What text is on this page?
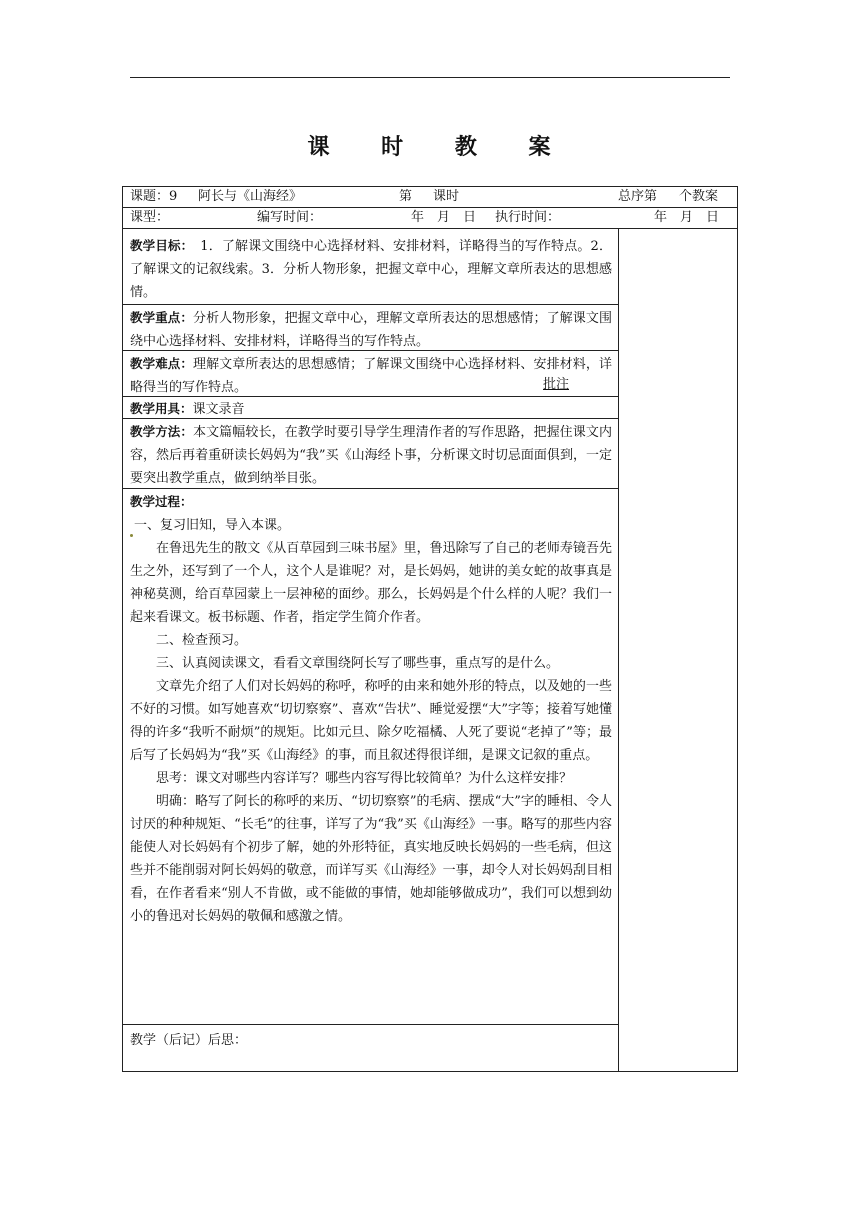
课 时 教 案
课题：9 阿长与《山海经》	第 课时	总序第 个教案
课型：	编写时间：	年　月　日 执行时间：	年　月　日

教学目标：　1．了解课文围绕中心选择材料、安排材料，详略得当的写作特点。2．了解课文的记叙线索。3．分析人物形象，把握文章中心，理解文章所表达的思想感情。

教学重点：分析人物形象，把握文章中心，理解文章所表达的思想感情；了解课文围绕中心选择材料、安排材料，详略得当的写作特点。

教学难点：理解文章所表达的思想感情；了解课文围绕中心选择材料、安排材料，详略得当的写作特点。

教学用具：课文录音

教学方法：本文篇幅较长，在教学时要引导学生理清作者的写作思路，把握住课文内容，然后再着重研读长妈妈为“我”买《山海经卜事，分析课文时切忌面面俱到，一定要突出教学重点，做到纳举目张。

教学过程：

一、复习旧知，导入本课。

在鲁迅先生的散文《从百草园到三味书屋》里，鲁迅除写了自己的老师寿镜吾先生之外，还写到了一个人，这个人是谁呢？对，是长妈妈，她讲的美女蛇的故事真是神秘莫测，给百草园蒙上一层神秘的面纱。那么，长妈妈是个什么样的人呢？我们一起来看课文。板书标题、作者，指定学生简介作者。

二、检查预习。

三、认真阅读课文，看看文章围绕阿长写了哪些事，重点写的是什么。

文章先介绍了人们对长妈妈的称呼，称呼的由来和她外形的特点，以及她的一些不好的习惯。如写她喜欢“切切察察”、喜欢“告状”、睡觉爱摆“大”字等；接着写她懂得的许多“我听不耐烦”的规矩。比如元旦、除夕吃福橘、人死了要说“老掉了”等；最后写了长妈妈为“我”买《山海经》的事，而且叙述得很详细，是课文记叙的重点。

思考：课文对哪些内容详写？哪些内容写得比较简单？为什么这样安排？

明确：略写了阿长的称呼的来历、“切切察察”的毛病、摆成“大”字的睡相、令人讨厌的种种规矩、“长毛”的往事，详写了为“我”买《山海经》一事。略写的那些内容能使人对长妈妈有个初步了解，她的外形特征，真实地反映长妈妈的一些毛病，但这些并不能削弱对阿长妈妈的敬意，而详写买《山海经》一事，却令人对长妈妈刮目相看，在作者看来“别人不肯做，或不能做的事情，她却能够做成功”，我们可以想到幼小的鲁迅对长妈妈的敬佩和感激之情。

教学（后记）后思：

批注
